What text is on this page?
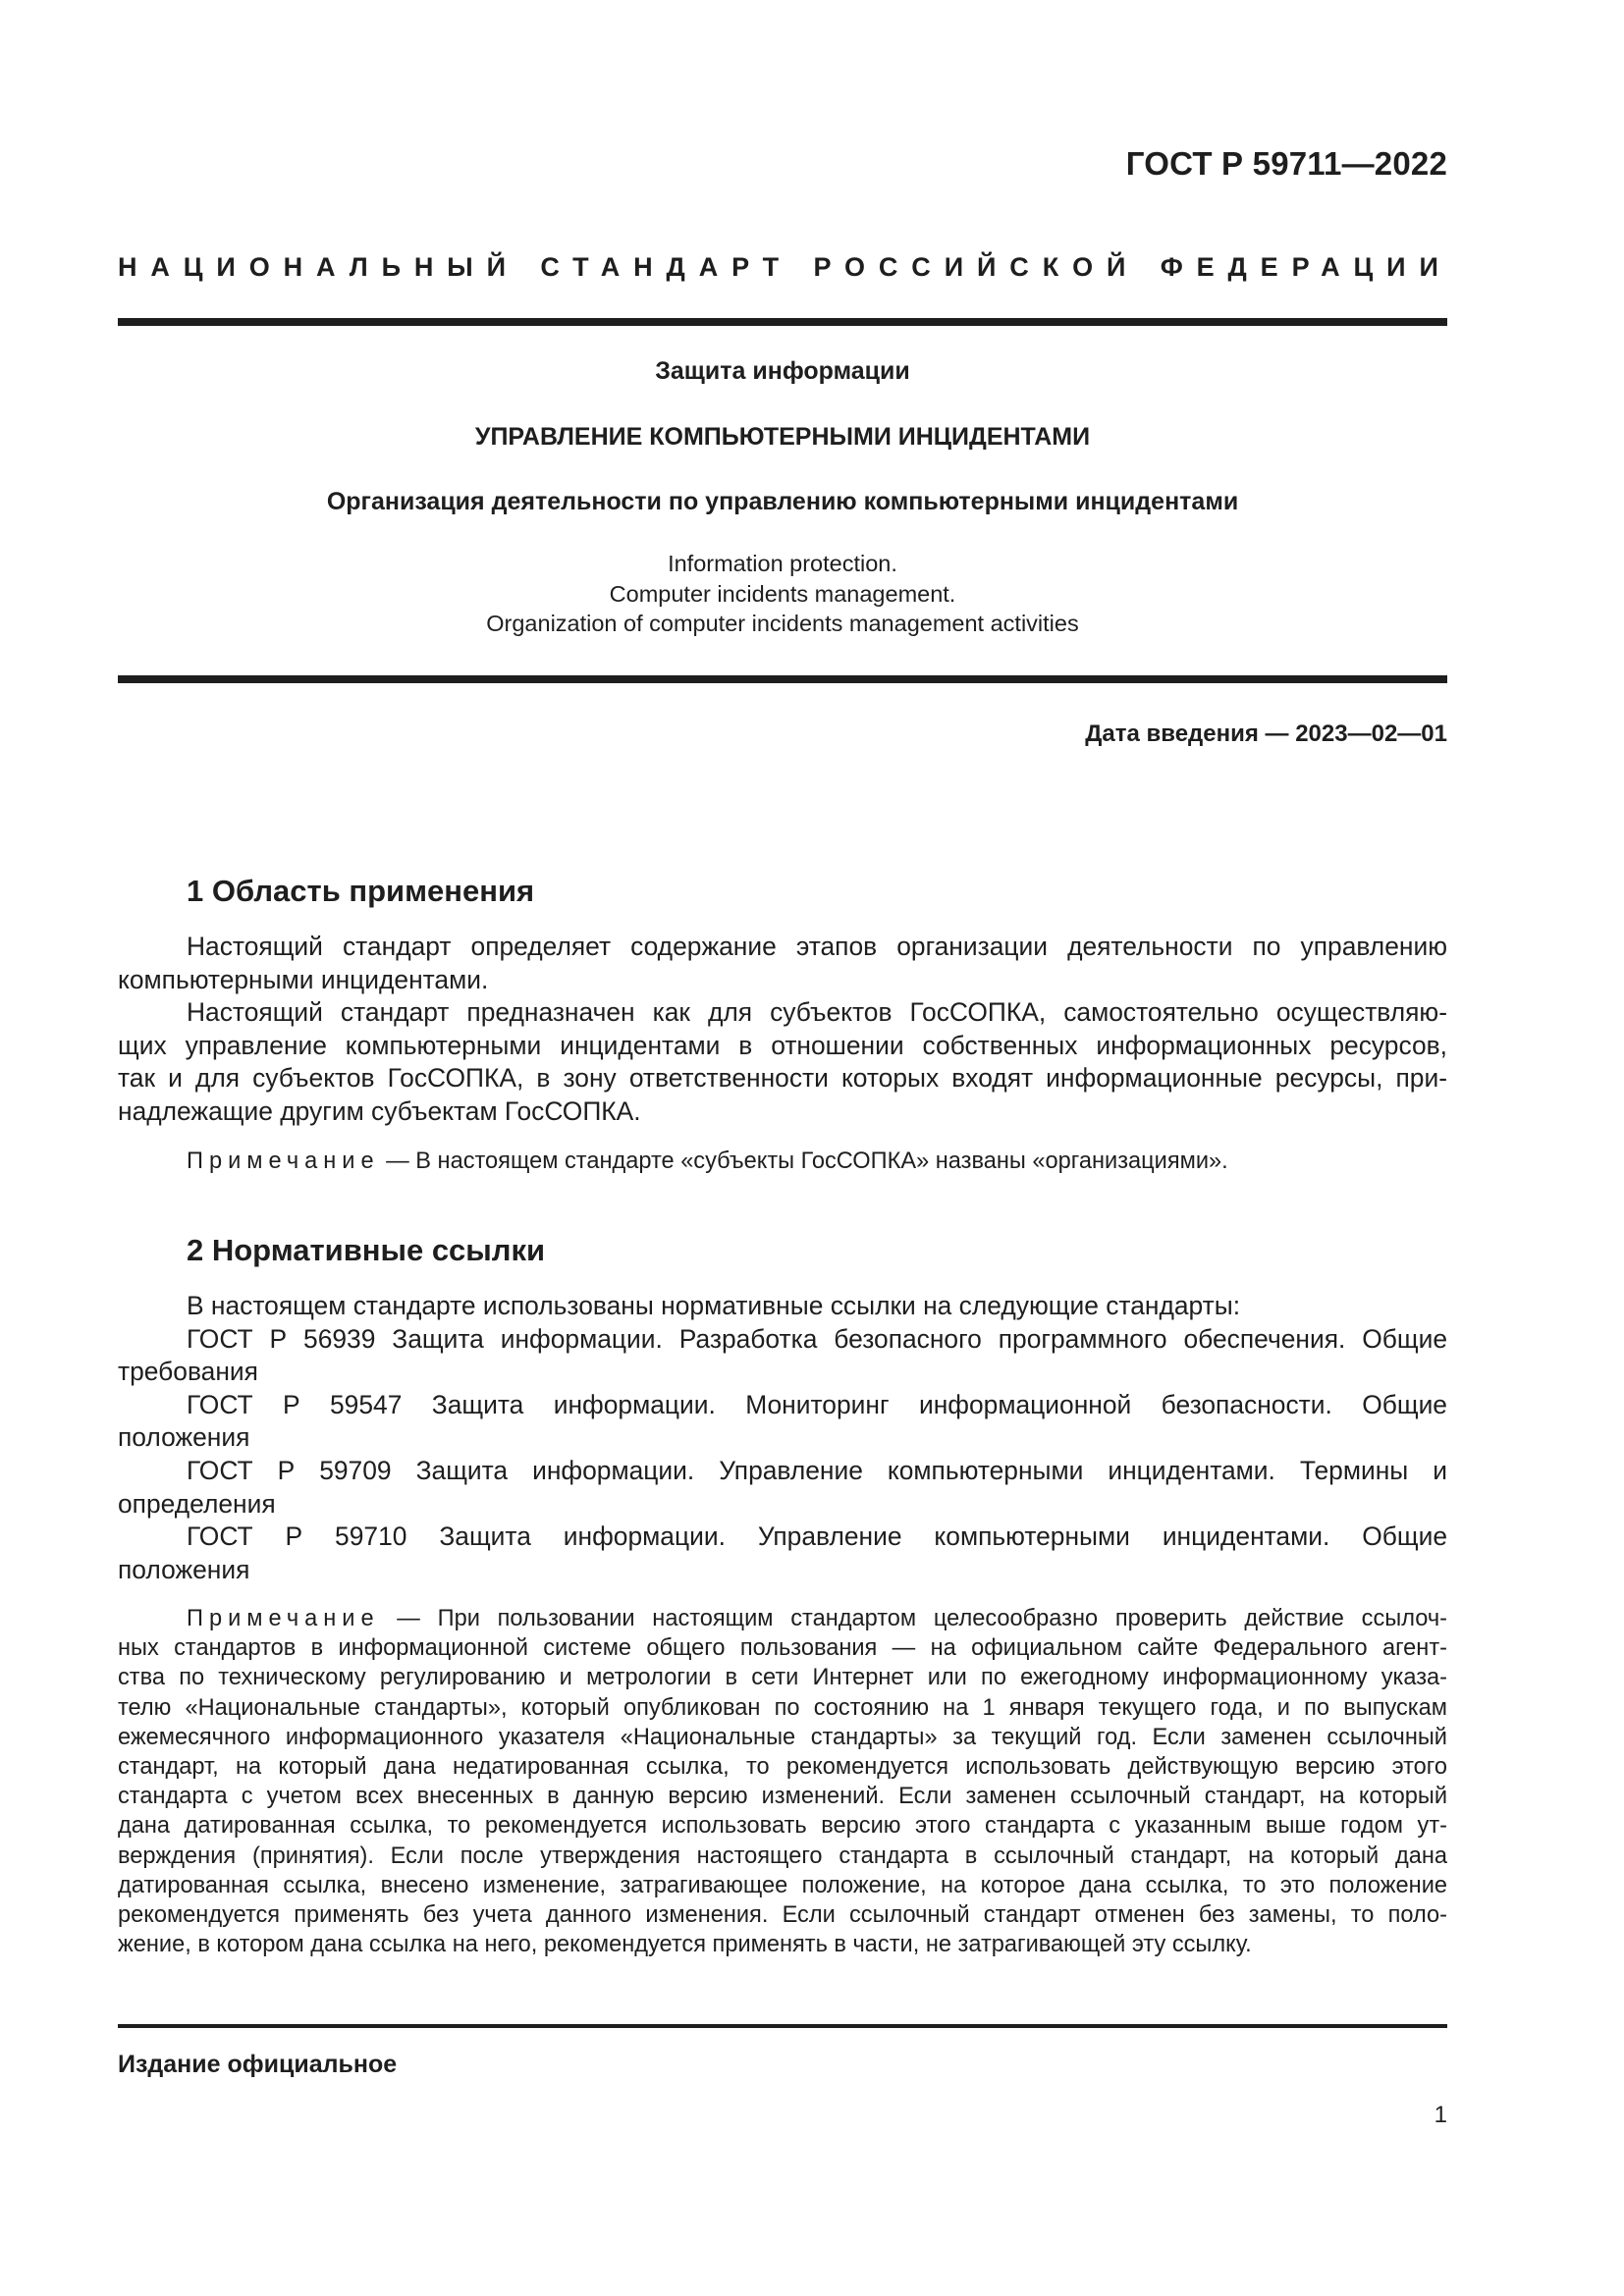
ГОСТ Р 59711—2022
НАЦИОНАЛЬНЫЙ СТАНДАРТ РОССИЙСКОЙ ФЕДЕРАЦИИ
Защита информации
УПРАВЛЕНИЕ КОМПЬЮТЕРНЫМИ ИНЦИДЕНТАМИ
Организация деятельности по управлению компьютерными инцидентами
Information protection.
Computer incidents management.
Organization of computer incidents management activities
Дата введения — 2023—02—01
1 Область применения
Настоящий стандарт определяет содержание этапов организации деятельности по управлению
компьютерными инцидентами.
Настоящий стандарт предназначен как для субъектов ГосСОПКА, самостоятельно осуществляю-
щих управление компьютерными инцидентами в отношении собственных информационных ресурсов,
так и для субъектов ГосСОПКА, в зону ответственности которых входят информационные ресурсы, при-
надлежащие другим субъектам ГосСОПКА.
Примечание — В настоящем стандарте «субъекты ГосСОПКА» названы «организациями».
2 Нормативные ссылки
В настоящем стандарте использованы нормативные ссылки на следующие стандарты:
ГОСТ Р 56939 Защита информации. Разработка безопасного программного обеспечения. Общие
требования
ГОСТ Р 59547 Защита информации. Мониторинг информационной безопасности. Общие
положения
ГОСТ Р 59709 Защита информации. Управление компьютерными инцидентами. Термины и
определения
ГОСТ Р 59710 Защита информации. Управление компьютерными инцидентами. Общие
положения
Примечание — При пользовании настоящим стандартом целесообразно проверить действие ссылоч-
ных стандартов в информационной системе общего пользования — на официальном сайте Федерального агент-
ства по техническому регулированию и метрологии в сети Интернет или по ежегодному информационному указа-
телю «Национальные стандарты», который опубликован по состоянию на 1 января текущего года, и по выпускам
ежемесячного информационного указателя «Национальные стандарты» за текущий год. Если заменен ссылочный
стандарт, на который дана недатированная ссылка, то рекомендуется использовать действующую версию этого
стандарта с учетом всех внесенных в данную версию изменений. Если заменен ссылочный стандарт, на который
дана датированная ссылка, то рекомендуется использовать версию этого стандарта с указанным выше годом ут-
верждения (принятия). Если после утверждения настоящего стандарта в ссылочный стандарт, на который дана
датированная ссылка, внесено изменение, затрагивающее положение, на которое дана ссылка, то это положение
рекомендуется применять без учета данного изменения. Если ссылочный стандарт отменен без замены, то поло-
жение, в котором дана ссылка на него, рекомендуется применять в части, не затрагивающей эту ссылку.
Издание официальное
1
